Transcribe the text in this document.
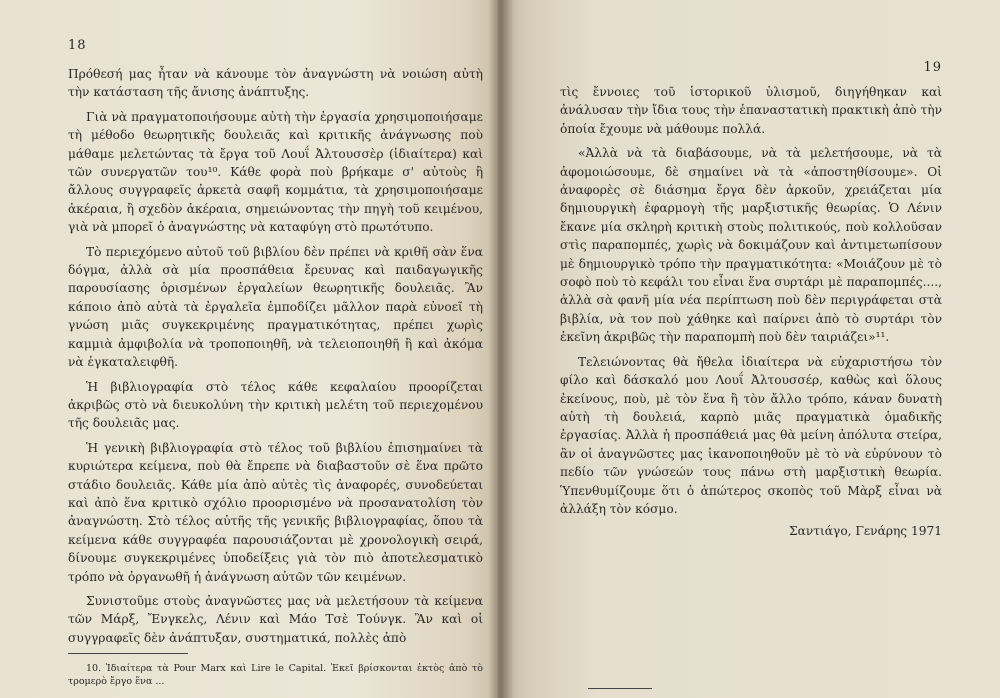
18

Πρόθεσή μας ἦταν νὰ κάνουμε τὸν ἀναγνώστη νὰ νοιώση αὐτὴ τὴν κατάσταση τῆς ἄνισης ἀνάπτυξης.

Γιὰ νὰ πραγματοποιήσουμε αὐτὴ τὴν ἐργασία χρησιμοποιήσαμε τὴ μέθοδο θεωρητικῆς δουλειᾶς καὶ κριτικῆς ἀνάγνωσης ποὺ μάθαμε μελετώντας τὰ ἔργα τοῦ Λουΐ Ἀλτουσσὲρ (ἰδιαίτερα) καὶ τῶν συνεργατῶν του¹⁰. Κάθε φορὰ ποὺ βρήκαμε σ' αὐτοὺς ἢ ἄλλους συγγραφεῖς ἀρκετὰ σαφῆ κομμάτια, τὰ χρησιμοποιήσαμε ἀκέραια, ἢ σχεδὸν ἀκέραια, σημειώνοντας τὴν πηγὴ τοῦ κειμένου, γιὰ νὰ μπορεῖ ὁ ἀναγνώστης νὰ καταφύγη στὸ πρωτότυπο.

Τὸ περιεχόμενο αὐτοῦ τοῦ βιβλίου δὲν πρέπει νὰ κριθῆ σὰν ἕνα δόγμα, ἀλλὰ σὰ μία προσπάθεια ἔρευνας καὶ παιδαγωγικῆς παρουσίασης ὁρισμένων ἐργαλείων θεωρητικῆς δουλειᾶς. Ἂν κάποιο ἀπὸ αὐτὰ τὰ ἐργαλεῖα ἐμποδίζει μᾶλλον παρὰ εὐνοεῖ τὴ γνώση μιᾶς συγκεκριμένης πραγματικότητας, πρέπει χωρὶς καμμιὰ ἀμφιβολία νὰ τροποποιηθῆ, νὰ τελειοποιηθῆ ἢ καὶ ἀκόμα νὰ ἐγκαταλειφθῆ.

Ἡ βιβλιογραφία στὸ τέλος κάθε κεφαλαίου προορίζεται ἀκριβῶς στὸ νὰ διευκολύνη τὴν κριτικὴ μελέτη τοῦ περιεχομένου τῆς δουλειᾶς μας.

Ἡ γενικὴ βιβλιογραφία στὸ τέλος τοῦ βιβλίου ἐπισημαίνει τὰ κυριώτερα κείμενα, ποὺ θὰ ἔπρεπε νὰ διαβαστοῦν σὲ ἕνα πρῶτο στάδιο δουλειᾶς. Κάθε μία ἀπὸ αὐτὲς τὶς ἀναφορές, συνοδεύεται καὶ ἀπὸ ἕνα κριτικὸ σχόλιο προορισμένο νὰ προσανατολίση τὸν ἀναγνώστη. Στὸ τέλος αὐτῆς τῆς γενικῆς βιβλιογραφίας, ὅπου τὰ κείμενα κάθε συγγραφέα παρουσιάζονται μὲ χρονολογικὴ σειρά, δίνουμε συγκεκριμένες ὑποδείξεις γιὰ τὸν πιὸ ἀποτελεσματικὸ τρόπο νὰ ὀργανωθῆ ἡ ἀνάγνωση αὐτῶν τῶν κειμένων.

Συνιστοῦμε στοὺς ἀναγνῶστες μας νὰ μελετήσουν τὰ κείμενα τῶν Μάρξ, Ἔνγκελς, Λένιν καὶ Μάο Τσὲ Τούνγκ. Ἂν καὶ οἱ συγγραφεῖς δὲν ἀνάπτυξαν, συστηματικά, πολλὲς ἀπὸ

10. Ἰδιαίτερα τὰ Pour Marx καὶ Lire le Capital. Ἐκεῖ βρίσκονται ἐκτὸς ἀπὸ τὸ τρομερὸ ἔργο ἕνα ...

19

τὶς ἔννοιες τοῦ ἱστορικοῦ ὑλισμοῦ, διηγήθηκαν καὶ ἀνάλυσαν τὴν ἴδια τους τὴν ἐπαναστατικὴ πρακτικὴ ἀπὸ τὴν ὁποία ἔχουμε νὰ μάθουμε πολλά.

«Ἀλλὰ νὰ τὰ διαβάσουμε, νὰ τὰ μελετήσουμε, νὰ τὰ ἀφομοιώσουμε, δὲ σημαίνει νὰ τὰ «ἀποστηθίσουμε». Οἱ ἀναφορὲς σὲ διάσημα ἔργα δὲν ἀρκοῦν, χρειάζεται μία δημιουργικὴ ἐφαρμογὴ τῆς μαρξιστικῆς θεωρίας. Ὁ Λένιν ἔκανε μία σκληρὴ κριτικὴ στοὺς πολιτικούς, ποὺ κολλοῦσαν στὶς παραπομπές, χωρὶς νὰ δοκιμάζουν καὶ ἀντιμετωπίσουν μὲ δημιουργικὸ τρόπο τὴν πραγματικότητα: «Μοιάζουν μὲ τὸ σοφὸ ποὺ τὸ κεφάλι του εἶναι ἕνα συρτάρι μὲ παραπομπές...., ἀλλὰ σὰ φανῆ μία νέα περίπτωση ποὺ δὲν περιγράφεται στὰ βιβλία, νὰ τον ποὺ χάθηκε καὶ παίρνει ἀπὸ τὸ συρτάρι τὸν ἐκεῖνη ἀκριβῶς τὴν παραπομπὴ ποὺ δὲν ταιριάζει»¹¹.

Τελειώνοντας θὰ ἤθελα ἰδιαίτερα νὰ εὐχαριστήσω τὸν φίλο καὶ δάσκαλό μου Λουΐ Ἀλτουσσέρ, καθὼς καὶ ὅλους ἐκείνους, ποὺ, μὲ τὸν ἕνα ἢ τὸν ἄλλο τρόπο, κάναν δυνατὴ αὐτὴ τὴ δουλειά, καρπὸ μιᾶς πραγματικὰ ὁμαδικῆς ἐργασίας. Ἀλλὰ ἡ προσπάθειά μας θὰ μείνη ἀπόλυτα στείρα, ἂν οἱ ἀναγνῶστες μας ἱκανοποιηθοῦν μὲ τὸ νὰ εὐρύνουν τὸ πεδίο τῶν γνώσεών τους πάνω στὴ μαρξιστικὴ θεωρία. Ὑπενθυμίζουμε ὅτι ὁ ἀπώτερος σκοπὸς τοῦ Μὰρξ εἶναι νὰ ἀλλάξη τὸν κόσμο.

Σαντιάγο, Γενάρης 1971
